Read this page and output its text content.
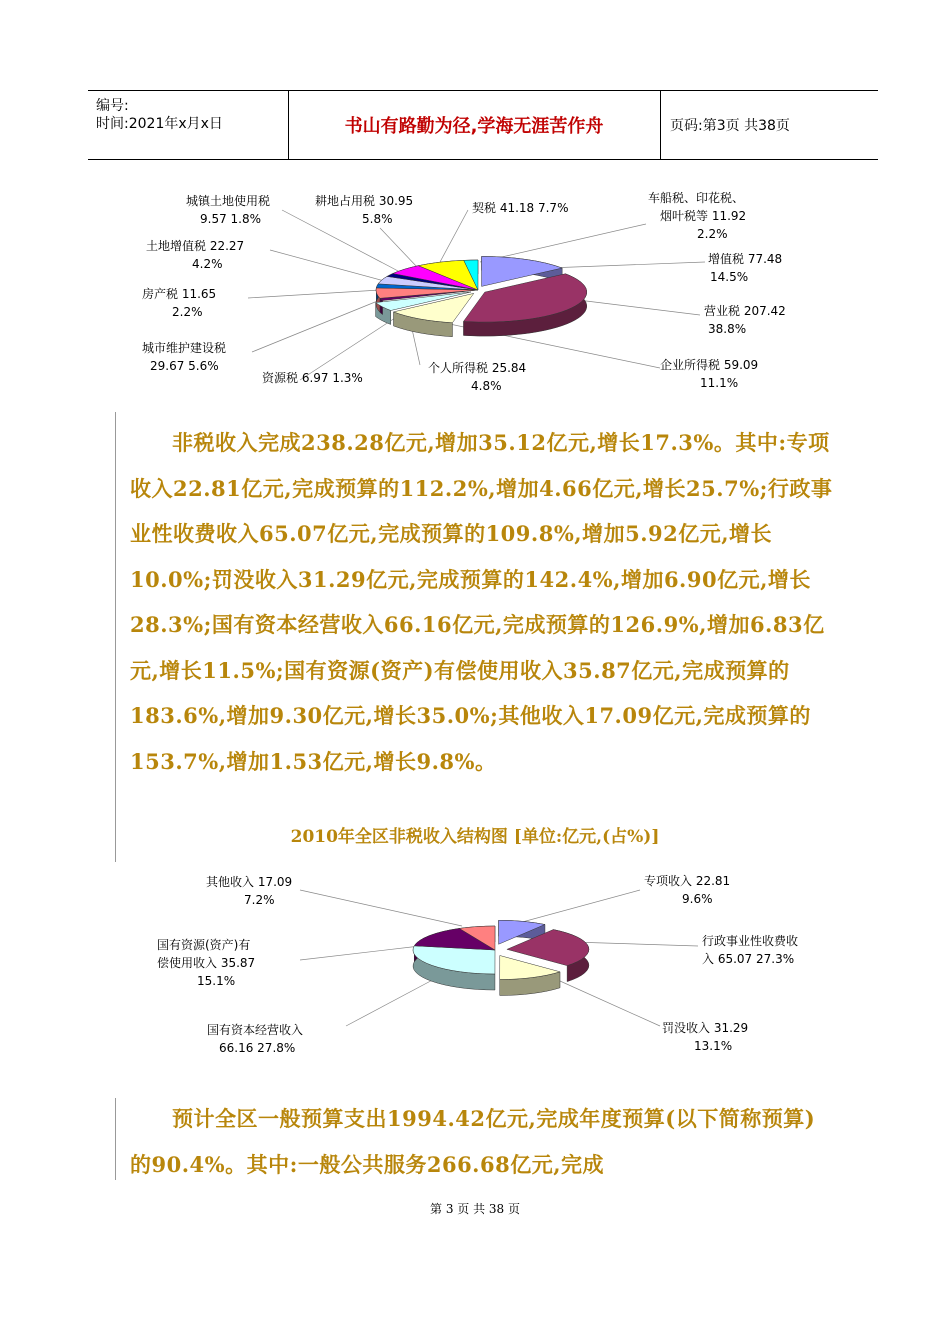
编号:
时间:2021年x月x日	书山有路勤为径,学海无涯苦作舟	页码:第3页 共38页
车船税、印花税、
烟叶税等 11.92
2.2%
增值税 77.48
14.5%
营业税 207.42
38.8%
企业所得税 59.09
11.1%
个人所得税 25.84
4.8%
资源税 6.97 1.3%
城市维护建设税
29.67 5.6%
房产税 11.65
2.2%
土地增值税 22.27
4.2%
城镇土地使用税
9.57 1.8%
耕地占用税 30.95
5.8%
契税 41.18 7.7%
非税收入完成238.28亿元,增加35.12亿元,增长17.3%。其中:专项收入22.81亿元,完成预算的112.2%,增加4.66亿元,增长25.7%;行政事业性收费收入65.07亿元,完成预算的109.8%,增加5.92亿元,增长10.0%;罚没收入31.29亿元,完成预算的142.4%,增加6.90亿元,增长28.3%;国有资本经营收入66.16亿元,完成预算的126.9%,增加6.83亿元,增长11.5%;国有资源(资产)有偿使用收入35.87亿元,完成预算的183.6%,增加9.30亿元,增长35.0%;其他收入17.09亿元,完成预算的153.7%,增加1.53亿元,增长9.8%。
2010年全区非税收入结构图 [单位:亿元,(占%)]
专项收入 22.81
9.6%
行政事业性收费收
入 65.07 27.3%
罚没收入 31.29
13.1%
国有资本经营收入
66.16 27.8%
国有资源(资产)有
偿使用收入 35.87
15.1%
其他收入 17.09
7.2%
预计全区一般预算支出1994.42亿元,完成年度预算(以下简称预算)的90.4%。其中:一般公共服务266.68亿元,完成
第 3 页 共 38 页
